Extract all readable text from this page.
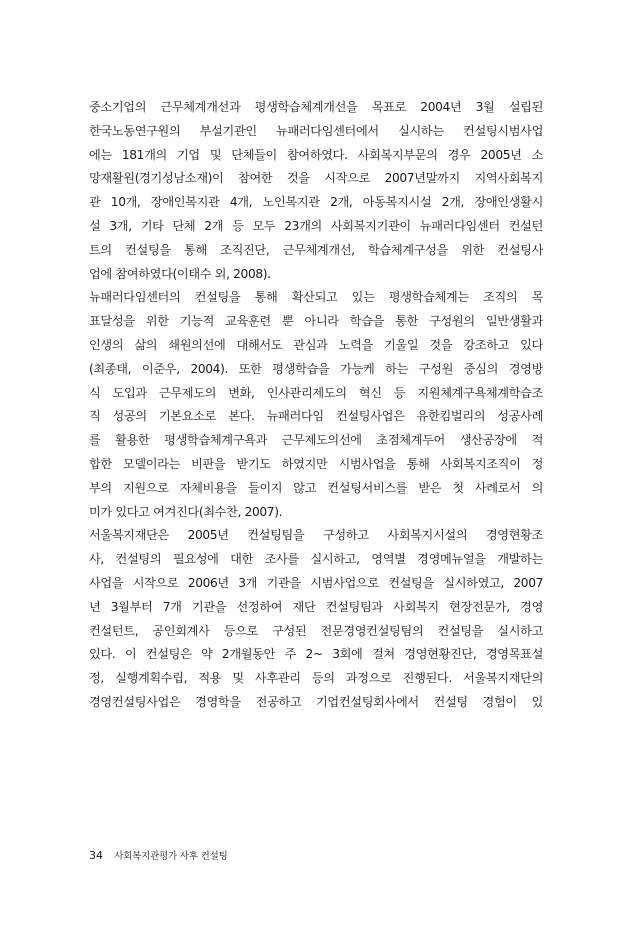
중소기업의 근무체계개선과 평생학습체계개선을 목표로 2004년 3월 설립된
한국노동연구원의 부설기관인 뉴패러다임센터에서 실시하는 컨설팅시범사업
에는 181개의 기업 및 단체들이 참여하였다. 사회복지부문의 경우 2005년 소
망재활원(경기성남소재)이 참여한 것을 시작으로 2007년말까지 지역사회복지
관 10개, 장애인복지관 4개, 노인복지관 2개, 아동복지시설 2개, 장애인생활시
설 3개, 기타 단체 2개 등 모두 23개의 사회복지기관이 뉴패러다임센터 컨설턴
트의 컨설팅을 통해 조직진단, 근무체계개선, 학습체계구성을 위한 컨설팅사
업에 참여하였다(이태수 외, 2008).
뉴패러다임센터의 컨설팅을 통해 확산되고 있는 평생학습체계는 조직의 목
표달성을 위한 기능적 교육훈련 뿐 아니라 학습을 통한 구성원의 일반생활과
인생의 삶의 쇄원의선에 대해서도 관심과 노력을 기울일 것을 강조하고 있다
(최종태, 이준우, 2004). 또한 평생학습을 가능케 하는 구성원 중심의 경영방
식 도입과 근무제도의 변화, 인사관리제도의 혁신 등 지원체계구욕체계학습조
직 성공의 기본요소로 본다. 뉴패러다임 컨설팅사업은 유한킴벌리의 성공사례
를 활용한 평생학습체계구욕과 근무제도의선에 초점체계두어 생산공장에 적
합한 모델이라는 비판을 받기도 하였지만 시범사업을 통해 사회복지조직이 정
부의 지원으로 자체비용을 들이지 않고 컨설팅서비스를 받은 첫 사례로서 의
미가 있다고 여겨진다(최수찬, 2007).
서울복지재단은 2005년 컨설팅팀을 구성하고 사회복지시설의 경영현황조
사, 컨설팅의 필요성에 대한 조사를 실시하고, 영역별 경영메뉴얼을 개발하는
사업을 시작으로 2006년 3개 기관을 시범사업으로 컨설팅을 실시하였고, 2007
년 3월부터 7개 기관을 선정하여 재단 컨설팅팀과 사회복지 현장전문가, 경영
컨설턴트, 공인회계사 등으로 구성된 전문경영컨설팅팀의 컨설팅을 실시하고
있다. 이 컨설팅은 약 2개월동안 주 2~ 3회에 걸쳐 경영현황진단, 경영목표설
정, 실행계획수립, 적용 및 사후관리 등의 과정으로 진행된다. 서울복지재단의
경영컨설팅사업은 경영학을 전공하고 기업컨설팅회사에서 컨설팅 경험이 있
34 사회복지관평가 사후 컨설팅
